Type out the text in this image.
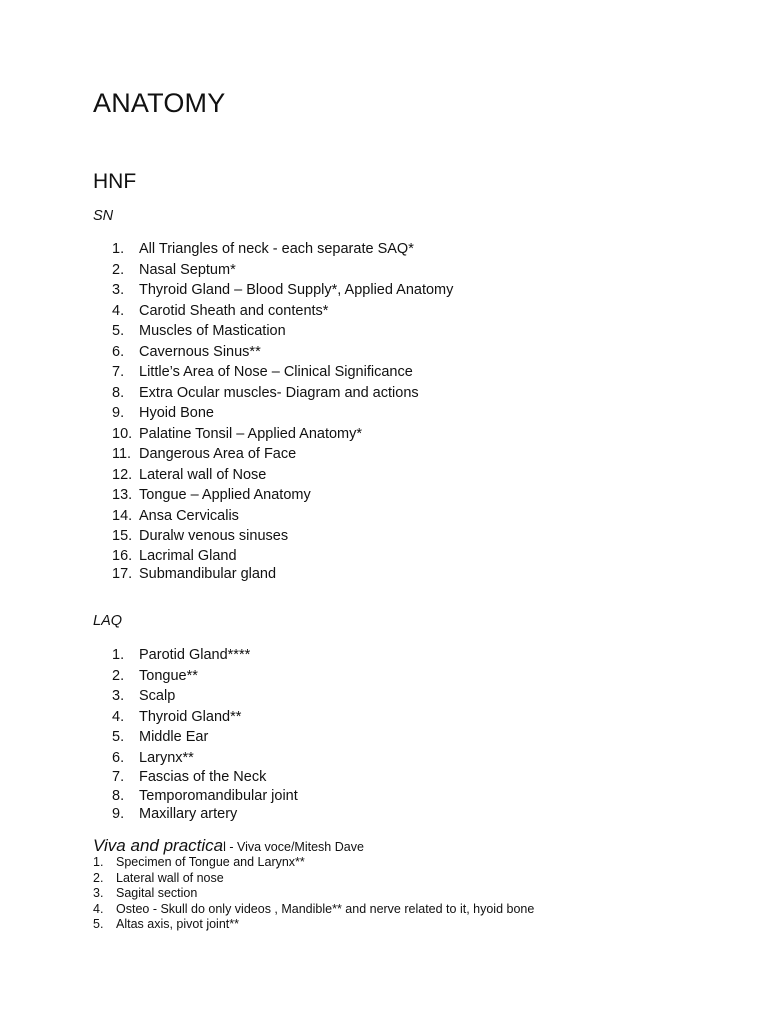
ANATOMY
HNF

SN

1.	All Triangles of neck - each separate SAQ*
2.	Nasal Septum*
3.	Thyroid Gland – Blood Supply*, Applied Anatomy
4.	Carotid Sheath and contents*
5.	Muscles of Mastication
6.	Cavernous Sinus**
7.	Little’s Area of Nose – Clinical Significance
8.	Extra Ocular muscles- Diagram and actions
9.	Hyoid Bone
10. Palatine Tonsil – Applied Anatomy*
11. Dangerous Area of Face
12. Lateral wall of Nose
13. Tongue – Applied Anatomy
14. Ansa Cervicalis
15. Duralw venous sinuses
16. Lacrimal Gland
17. Submandibular gland

LAQ

1.	Parotid Gland****
2.	Tongue**
3.	Scalp
4.	Thyroid Gland**
5.	Middle Ear
6.	Larynx**
7.	Fascias of the Neck
8.	Temporomandibular joint
9.	Maxillary artery

Viva and practical - Viva voce/Mitesh Dave

1. Specimen of Tongue and Larynx**
2. Lateral wall of nose
3. Sagital section
4. Osteo - Skull do only videos , Mandible** and nerve related to it, hyoid bone
5. Altas axis, pivot joint**
